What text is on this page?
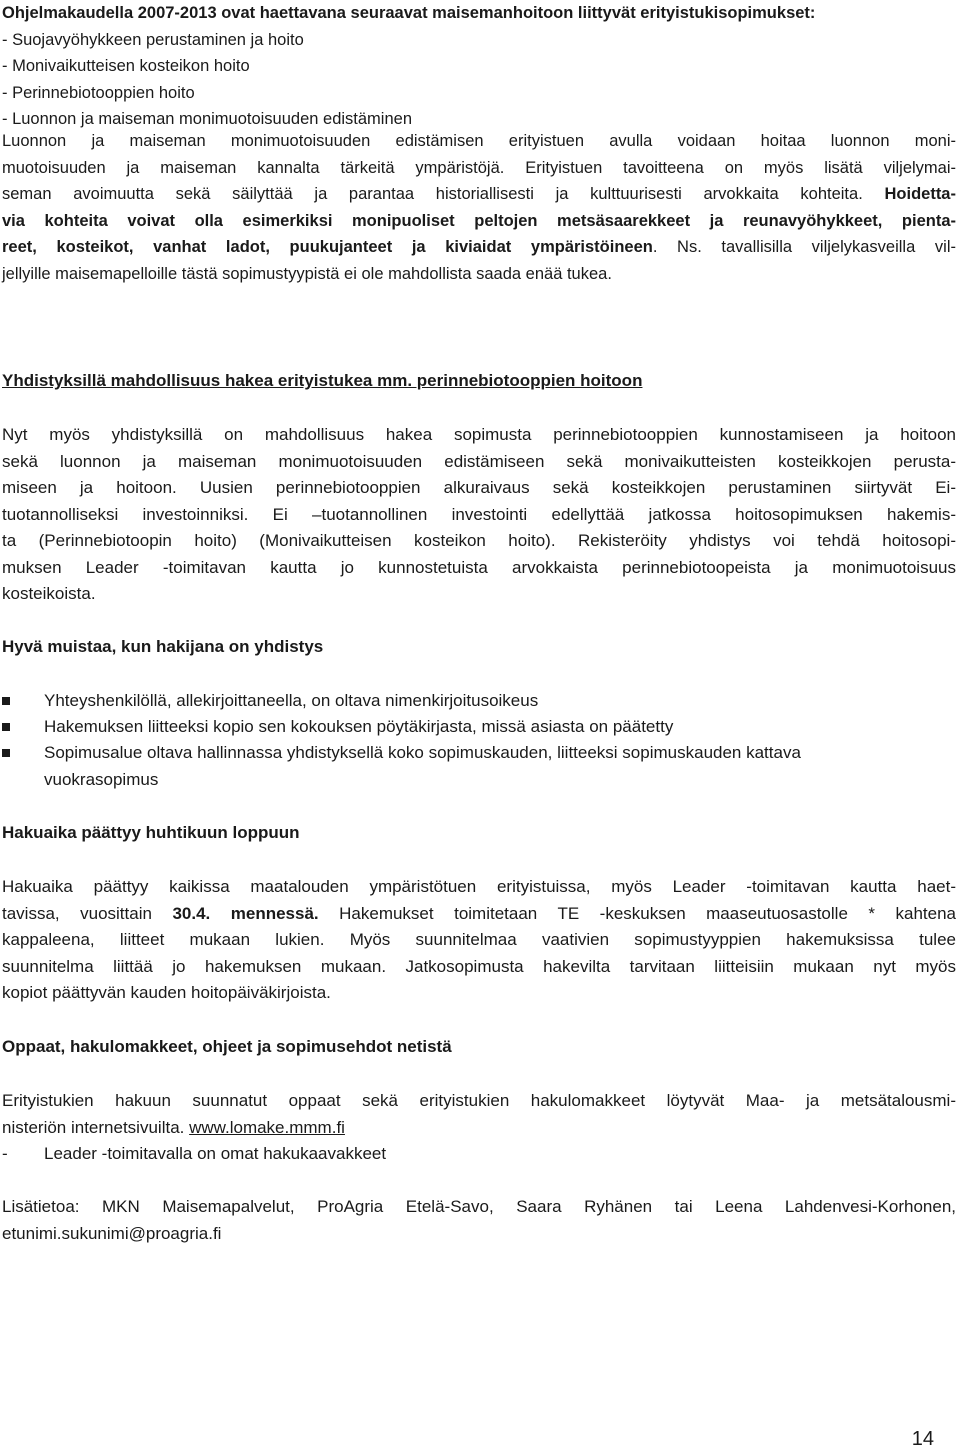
Ohjelmakaudella 2007-2013 ovat haettavana seuraavat maisemanhoitoon liittyvät erityistukisopimukset:
- Suojavyöhykkeen perustaminen ja hoito
- Monivaikutteisen kosteikon hoito
- Perinnebiotooppien hoito
- Luonnon ja maiseman monimuotoisuuden edistäminen
Luonnon ja maiseman monimuotoisuuden edistämisen erityistuen avulla voidaan hoitaa luonnon moni-
muotoisuuden ja maiseman kannalta tärkeitä ympäristöjä. Erityistuen tavoitteena on myös lisätä viljelymai-
seman avoimuutta sekä säilyttää ja parantaa historiallisesti ja kulttuurisesti arvokkaita kohteita. Hoidetta-
via kohteita voivat olla esimerkiksi monipuoliset peltojen metsäsaarekkeet ja reunavyöhykkeet, pienta-
reet, kosteikot, vanhat ladot, puukujanteet ja kiviaidat ympäristöineen. Ns. tavallisilla viljelykasveilla vil-
jellyille maisemapelloille tästä sopimustyypistä ei ole mahdollista saada enää tukea.
Yhdistyksillä mahdollisuus hakea erityistukea mm. perinnebiotooppien hoitoon
Nyt myös yhdistyksillä on mahdollisuus hakea sopimusta perinnebiotooppien kunnostamiseen ja hoitoon
sekä luonnon ja maiseman monimuotoisuuden edistämiseen sekä monivaikutteisten kosteikkojen perusta-
miseen ja hoitoon. Uusien perinnebiotooppien alkuraivaus sekä kosteikkojen perustaminen siirtyvät Ei-
tuotannolliseksi investoinniksi. Ei –tuotannollinen investointi edellyttää jatkossa hoitosopimuksen hakemis-
ta (Perinnebiotoopin hoito) (Monivaikutteisen kosteikon hoito). Rekisteröity yhdistys voi tehdä hoitosopi-
muksen Leader -toimitavan kautta jo kunnostetuista arvokkaista perinnebiotoopeista ja monimuotoisuus
kosteikoista.
Hyvä muistaa, kun hakijana on yhdistys
Yhteyshenkilöllä, allekirjoittaneella, on oltava nimenkirjoitusoikeus
Hakemuksen liitteeksi kopio sen kokouksen pöytäkirjasta, missä asiasta on päätetty
Sopimusalue oltava hallinnassa yhdistyksellä koko sopimuskauden, liitteeksi sopimuskauden kattava
vuokrasopimus
Hakuaika päättyy huhtikuun loppuun
Hakuaika päättyy kaikissa maatalouden ympäristötuen erityistuissa, myös Leader -toimitavan kautta haet-
tavissa, vuosittain 30.4. mennessä. Hakemukset toimitetaan TE -keskuksen maaseutuosastolle * kahtena
kappaleena, liitteet mukaan lukien. Myös suunnitelmaa vaativien sopimustyyppien hakemuksissa tulee
suunnitelma liittää jo hakemuksen mukaan. Jatkosopimusta hakevilta tarvitaan liitteisiin mukaan nyt myös
kopiot päättyvän kauden hoitopäiväkirjoista.
Oppaat, hakulomakkeet, ohjeet ja sopimusehdot netistä
Erityistukien hakuun suunnatut oppaat sekä erityistukien hakulomakkeet löytyvät Maa- ja metsätalousmi-
nisteriön internetsivuilta. www.lomake.mmm.fi
- Leader -toimitavalla on omat hakukaavakkeet
Lisätietoa: MKN Maisemapalvelut, ProAgria Etelä-Savo, Saara Ryhänen tai Leena Lahdenvesi-Korhonen,
etunimi.sukunimi@proagria.fi
14
